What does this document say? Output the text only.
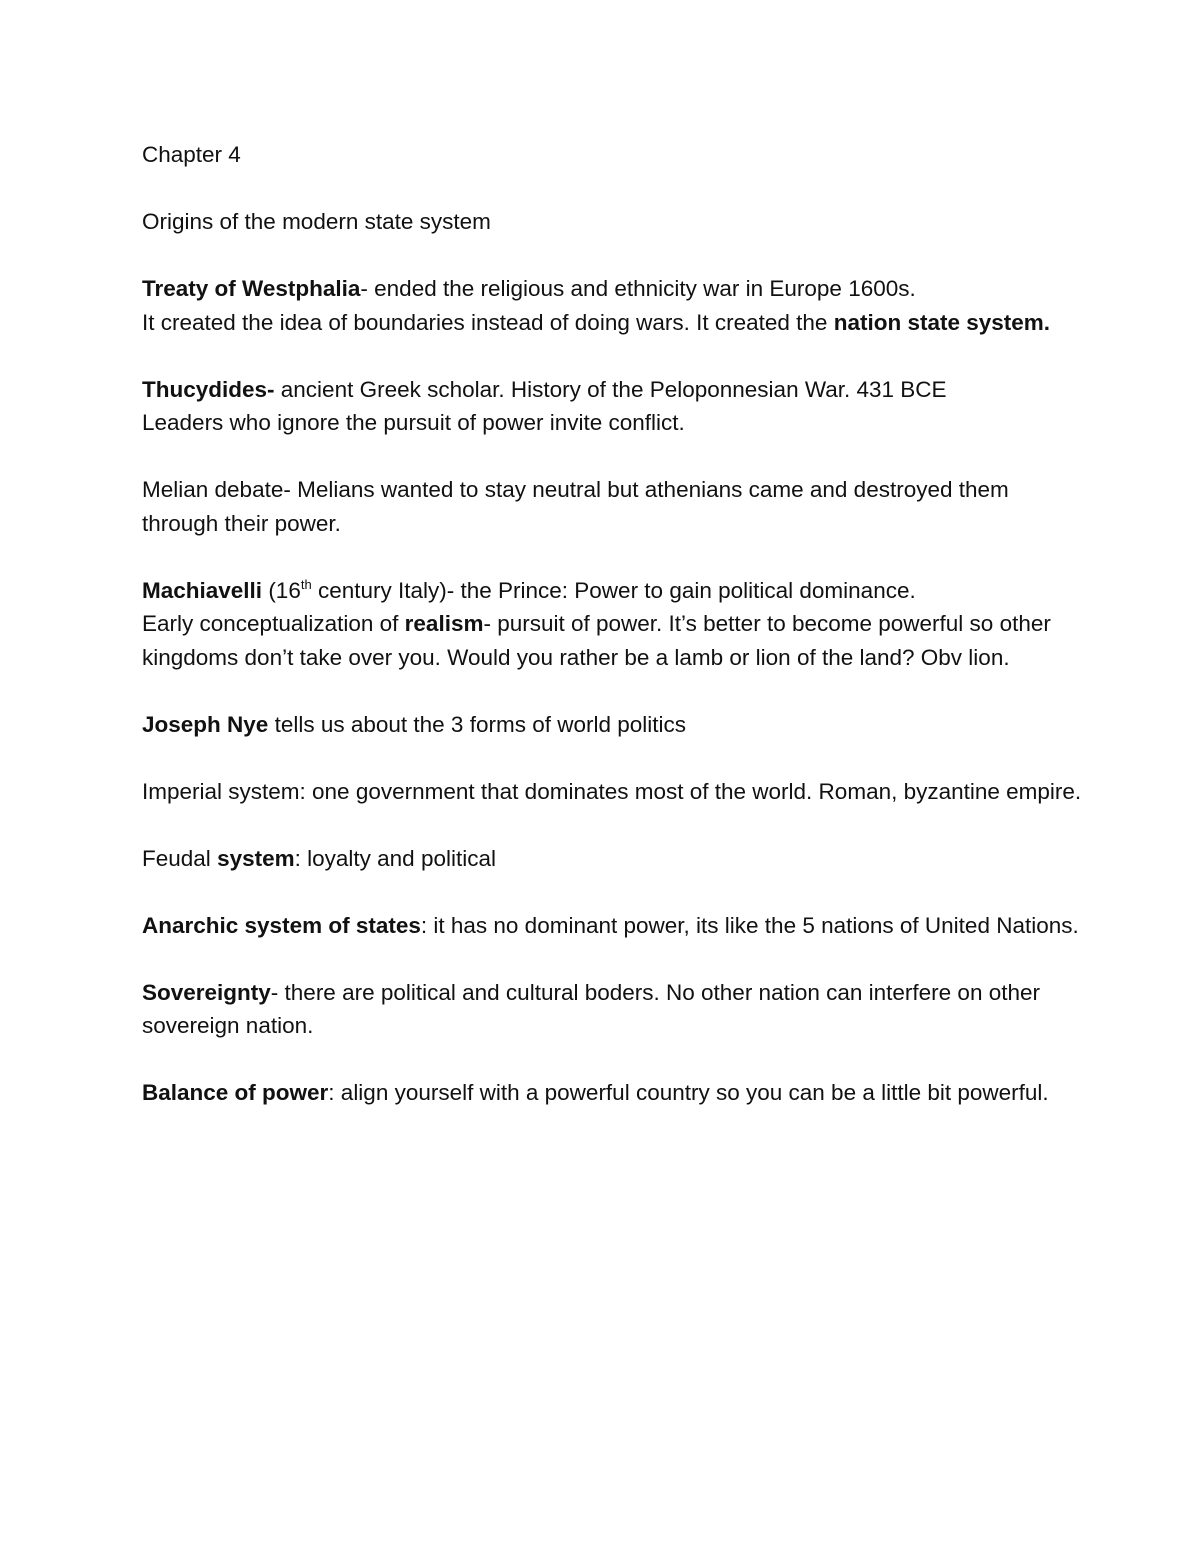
Chapter 4

Origins of the modern state system

Treaty of Westphalia- ended the religious and ethnicity war in Europe 1600s.
It created the idea of boundaries instead of doing wars. It created the nation state system.

Thucydides- ancient Greek scholar. History of the Peloponnesian War. 431 BCE
Leaders who ignore the pursuit of power invite conflict.

Melian debate- Melians wanted to stay neutral but athenians came and destroyed them through their power.

Machiavelli (16th century Italy)- the Prince: Power to gain political dominance.
Early conceptualization of realism- pursuit of power. It’s better to become powerful so other kingdoms don’t take over you. Would you rather be a lamb or lion of the land? Obv lion.

Joseph Nye tells us about the 3 forms of world politics

Imperial system: one government that dominates most of the world. Roman, byzantine empire.

Feudal system: loyalty and political

Anarchic system of states: it has no dominant power, its like the 5 nations of United Nations.

Sovereignty- there are political and cultural boders. No other nation can interfere on other sovereign nation.

Balance of power: align yourself with a powerful country so you can be a little bit powerful.
